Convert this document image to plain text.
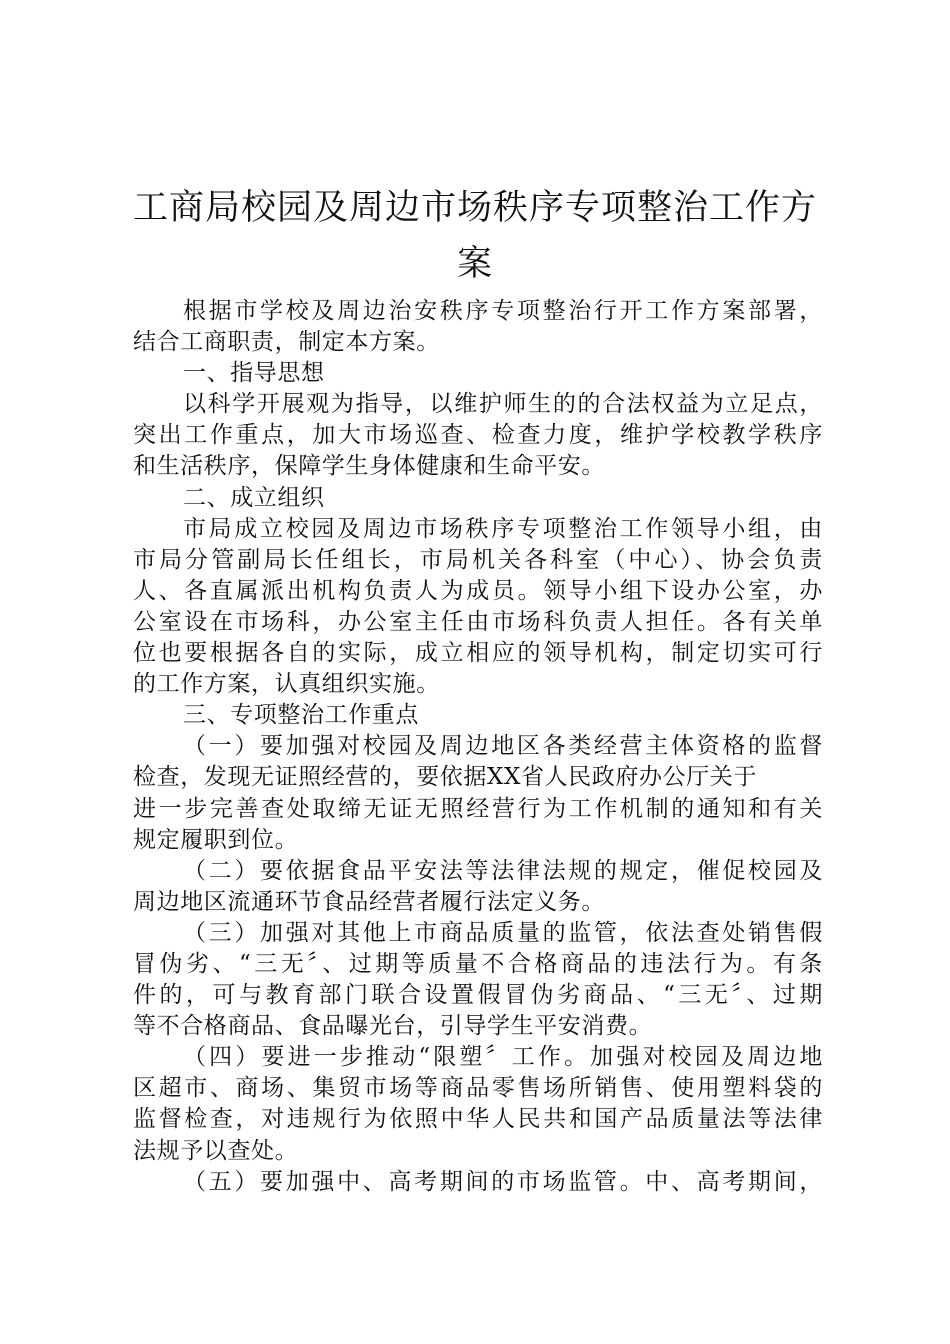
工商局校园及周边市场秩序专项整治工作方
案
根据市学校及周边治安秩序专项整治行开工作方案部署，
结合工商职责，制定本方案。
一、指导思想
以科学开展观为指导，以维护师生的的合法权益为立足点，
突出工作重点，加大市场巡查、检查力度，维护学校教学秩序
和生活秩序，保障学生身体健康和生命平安。
二、成立组织
市局成立校园及周边市场秩序专项整治工作领导小组，由
市局分管副局长任组长，市局机关各科室（中心）、协会负责
人、各直属派出机构负责人为成员。领导小组下设办公室，办
公室设在市场科，办公室主任由市场科负责人担任。各有关单
位也要根据各自的实际，成立相应的领导机构，制定切实可行
的工作方案，认真组织实施。
三、专项整治工作重点
（一）要加强对校园及周边地区各类经营主体资格的监督
检查，发现无证照经营的，要依据XX省人民政府办公厅关于
进一步完善查处取缔无证无照经营行为工作机制的通知和有关
规定履职到位。
（二）要依据食品平安法等法律法规的规定，催促校园及
周边地区流通环节食品经营者履行法定义务。
（三）加强对其他上市商品质量的监管，依法查处销售假
冒伪劣、“三无〞、过期等质量不合格商品的违法行为。有条
件的，可与教育部门联合设置假冒伪劣商品、“三无〞、过期
等不合格商品、食品曝光台，引导学生平安消费。
（四）要进一步推动“限塑〞工作。加强对校园及周边地
区超市、商场、集贸市场等商品零售场所销售、使用塑料袋的
监督检查，对违规行为依照中华人民共和国产品质量法等法律
法规予以查处。
（五）要加强中、高考期间的市场监管。中、高考期间，
